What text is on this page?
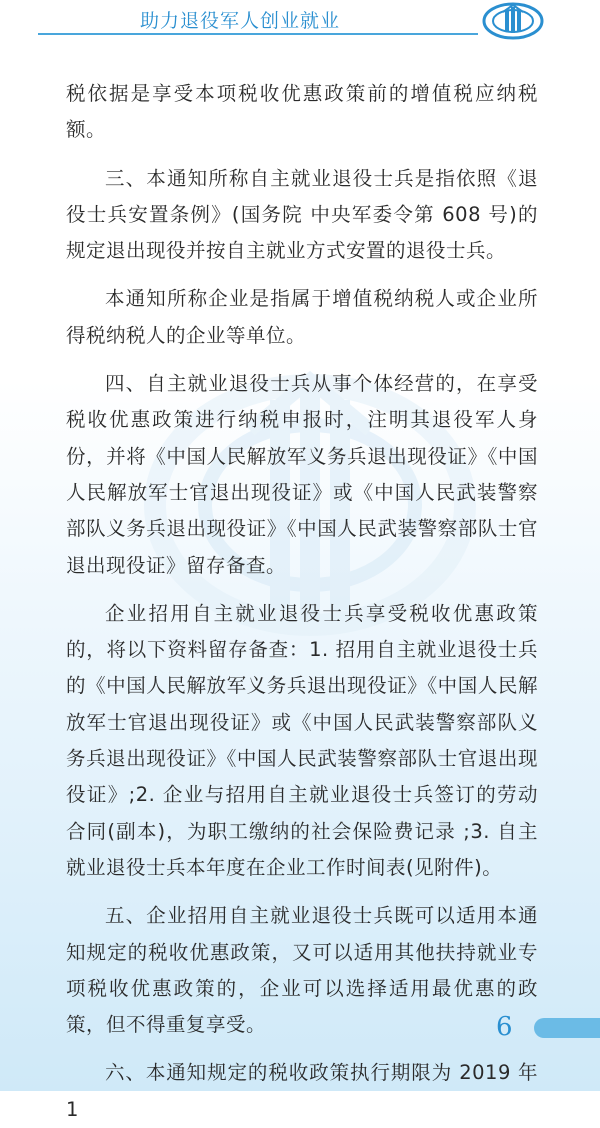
助力退役军人创业就业

税依据是享受本项税收优惠政策前的增值税应纳税额。

三、本通知所称自主就业退役士兵是指依照《退役士兵安置条例》(国务院 中央军委令第 608 号)的规定退出现役并按自主就业方式安置的退役士兵。

本通知所称企业是指属于增值税纳税人或企业所得税纳税人的企业等单位。

四、自主就业退役士兵从事个体经营的，在享受税收优惠政策进行纳税申报时，注明其退役军人身份，并将《中国人民解放军义务兵退出现役证》《中国人民解放军士官退出现役证》或《中国人民武装警察部队义务兵退出现役证》《中国人民武装警察部队士官退出现役证》留存备查。

企业招用自主就业退役士兵享受税收优惠政策的，将以下资料留存备查：1. 招用自主就业退役士兵的《中国人民解放军义务兵退出现役证》《中国人民解放军士官退出现役证》或《中国人民武装警察部队义务兵退出现役证》《中国人民武装警察部队士官退出现役证》;2. 企业与招用自主就业退役士兵签订的劳动合同(副本)，为职工缴纳的社会保险费记录 ;3. 自主就业退役士兵本年度在企业工作时间表(见附件)。

五、企业招用自主就业退役士兵既可以适用本通知规定的税收优惠政策，又可以适用其他扶持就业专项税收优惠政策的，企业可以选择适用最优惠的政策，但不得重复享受。

六、本通知规定的税收政策执行期限为 2019 年 1

6
